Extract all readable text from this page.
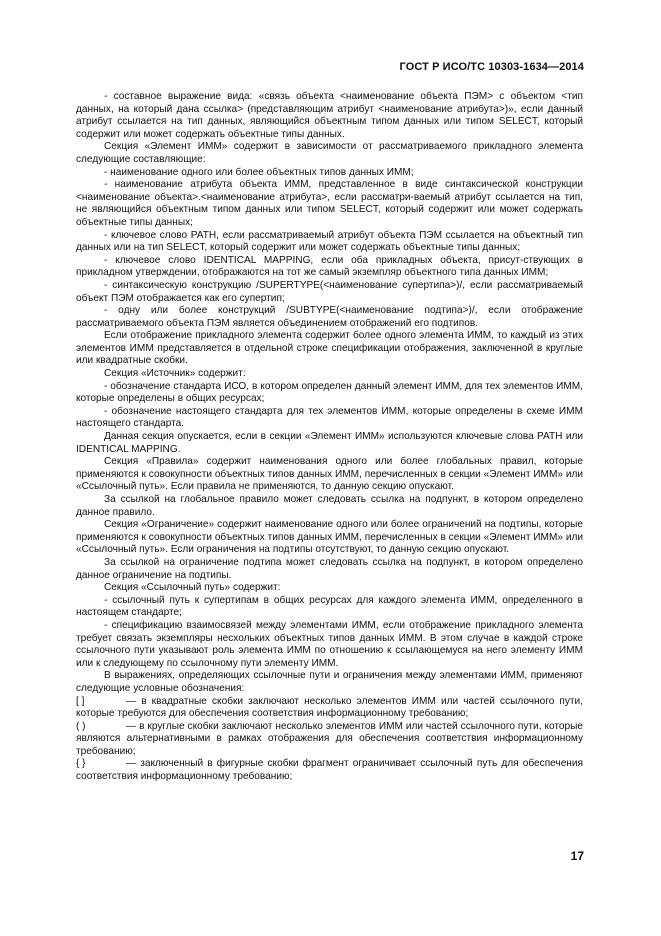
ГОСТ Р ИСО/ТС 10303-1634—2014

- составное выражение вида: «связь объекта <наименование объекта ПЭМ> с объектом <тип данных, на который дана ссылка> (представляющим атрибут <наименование атрибута>)», если данный атрибут ссылается на тип данных, являющийся объектным типом данных или типом SELECT, который содержит или может содержать объектные типы данных.

Секция «Элемент ИММ» содержит в зависимости от рассматриваемого прикладного элемента следующие составляющие:

- наименование одного или более объектных типов данных ИММ;

- наименование атрибута объекта ИММ, представленное в виде синтаксической конструкции <наименование объекта>.<наименование атрибута>, если рассматри-ваемый атрибут ссылается на тип, не являющийся объектным типом данных или типом SELECT, который содержит или может содержать объектные типы данных;

- ключевое слово PATH, если рассматриваемый атрибут объекта ПЭМ ссылается на объектный тип данных или на тип SELECT, который содержит или может содержать объектные типы данных;

- ключевое слово IDENTICAL MAPPING, если оба прикладных объекта, присут-ствующих в прикладном утверждении, отображаются на тот же самый экземпляр объектного типа данных ИММ;

- синтаксическую конструкцию /SUPERTYPE(<наименование супертипа>)/, если рассматриваемый объект ПЭМ отображается как его супертип;

- одну или более конструкций /SUBTYPE(<наименование подтипа>)/, если отображение рассматриваемого объекта ПЭМ является объединением отображений его подтипов.

Если отображение прикладного элемента содержит более одного элемента ИММ, то каждый из этих элементов ИММ представляется в отдельной строке спецификации отображения, заключенной в круглые или квадратные скобки.

Секция «Источник» содержит:

- обозначение стандарта ИСО, в котором определен данный элемент ИММ, для тех элементов ИММ, которые определены в общих ресурсах;

- обозначение настоящего стандарта для тех элементов ИММ, которые определены в схеме ИММ настоящего стандарта.

Данная секция опускается, если в секции «Элемент ИММ» используются ключевые слова PATH или IDENTICAL MAPPING.

Секция «Правила» содержит наименования одного или более глобальных правил, которые применяются к совокупности объектных типов данных ИММ, перечисленных в секции «Элемент ИММ» или «Ссылочный путь». Если правила не применяются, то данную секцию опускают.

За ссылкой на глобальное правило может следовать ссылка на подпункт, в котором определено данное правило.

Секция «Ограничение» содержит наименование одного или более ограничений на подтипы, которые применяются к совокупности объектных типов данных ИММ, перечисленных в секции «Элемент ИММ» или «Ссылочный путь». Если ограничения на подтипы отсутствуют, то данную секцию опускают.

За ссылкой на ограничение подтипа может следовать ссылка на подпункт, в котором определено данное ограничение на подтипы.

Секция «Ссылочный путь» содержит:

- ссылочный путь к супертипам в общих ресурсах для каждого элемента ИММ, определенного в настоящем стандарте;

- спецификацию взаимосвязей между элементами ИММ, если отображение прикладного элемента требует связать экземпляры несхольких объектных типов данных ИММ. В этом случае в каждой строке ссылочного пути указывают роль элемента ИММ по отношению к ссылающемуся на него элементу ИММ или к следующему по ссылочному пути элементу ИММ.

В выражениях, определяющих ссылочные пути и ограничения между элементами ИММ, применяют следующие условные обозначения:

[ ]	— в квадратные скобки заключают несколько элементов ИММ или частей ссылочного пути, которые требуются для обеспечения соответствия информационному требованию;

( )	— в круглые скобки заключают несколько элементов ИММ или частей ссылочного пути, которые являются альтернативными в рамках отображения для обеспечения соответствия информационному требованию;

{ }	— заключенный в фигурные скобки фрагмент ограничивает ссылочный путь для обеспечения соответствия информационному требованию;

17
